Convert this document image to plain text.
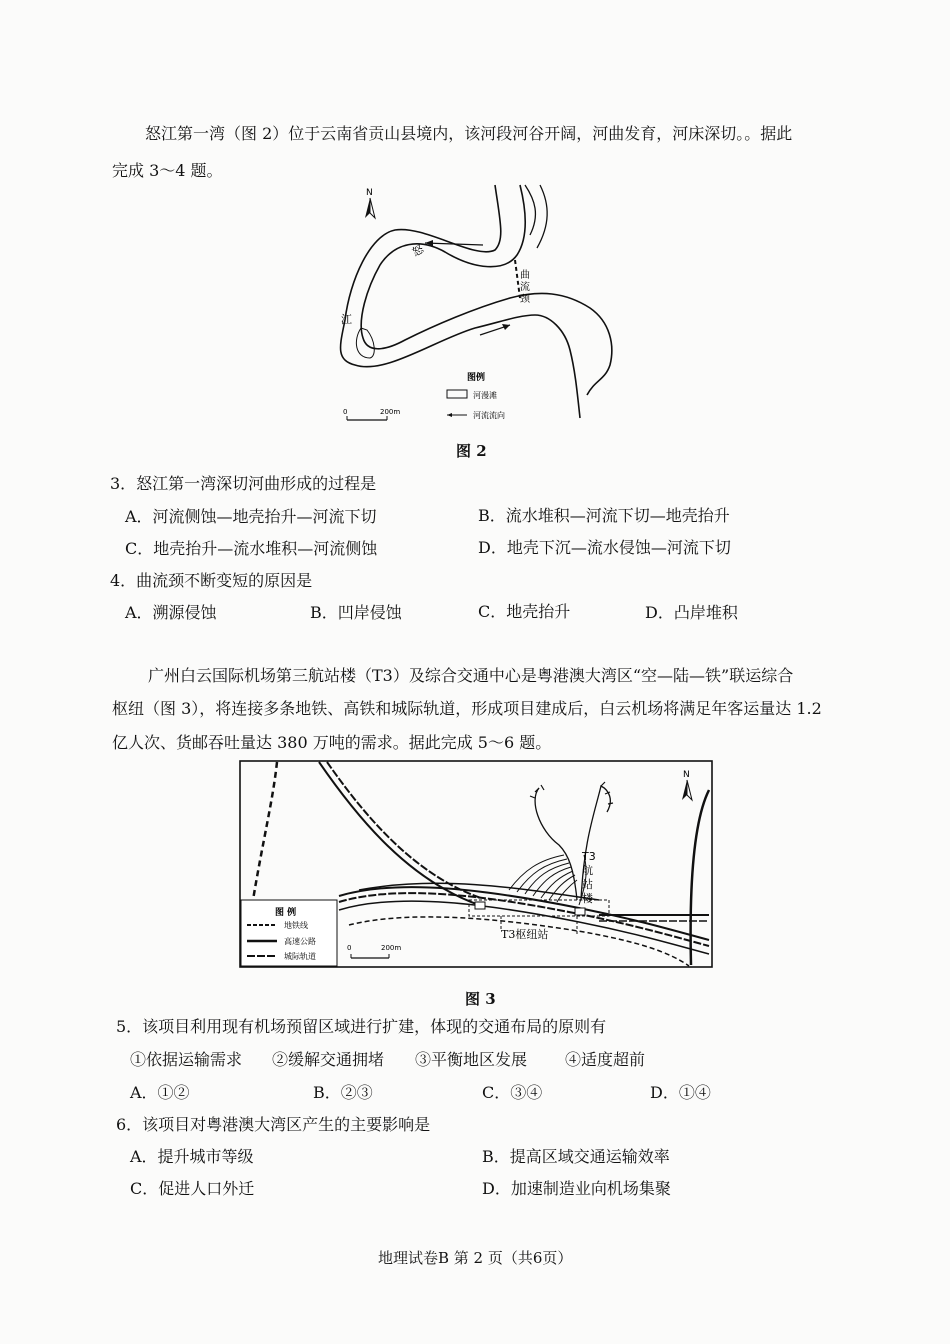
怒江第一湾（图 2）位于云南省贡山县境内，该河段河谷开阔，河曲发育，河床深切。。据此
完成 3～4 题。
N
怒
江
曲
流
颈
图例
河漫滩
河流流向
0	200m
图 2
3．怒江第一湾深切河曲形成的过程是
A．河流侧蚀—地壳抬升—河流下切	B．流水堆积—河流下切—地壳抬升
C．地壳抬升—流水堆积—河流侧蚀	D．地壳下沉—流水侵蚀—河流下切
4．曲流颈不断变短的原因是
A．溯源侵蚀	B．凹岸侵蚀	C．地壳抬升	D．凸岸堆积
广州白云国际机场第三航站楼（T3）及综合交通中心是粤港澳大湾区“空—陆—铁”联运综合
枢纽（图 3），将连接多条地铁、高铁和城际轨道，形成项目建成后，白云机场将满足年客运量达 1.2
亿人次、货邮吞吐量达 380 万吨的需求。据此完成 5～6 题。
T3枢纽站
T3
航
站
楼
N
图 例
地铁线
高速公路
城际轨道
0	200m
图 3
5．该项目利用现有机场预留区域进行扩建，体现的交通布局的原则有
①依据运输需求 ②缓解交通拥堵 ③平衡地区发展 ④适度超前
A．①②	B．②③	C．③④	D．①④
6．该项目对粤港澳大湾区产生的主要影响是
A．提升城市等级	B．提高区域交通运输效率
C．促进人口外迁	D．加速制造业向机场集聚
地理试卷B 第 2 页（共6页）
